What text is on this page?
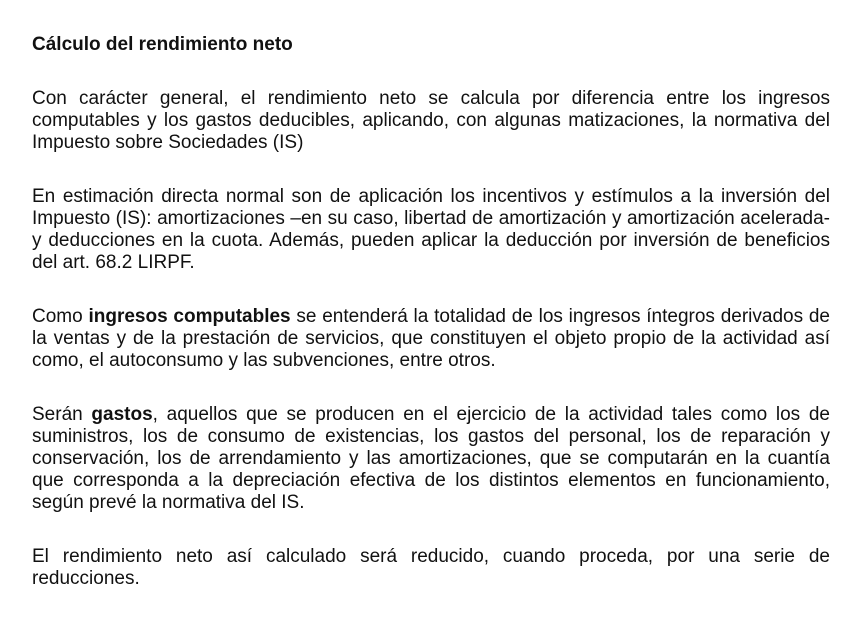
Cálculo del rendimiento neto

Con carácter general, el rendimiento neto se calcula por diferencia entre los ingresos computables y los gastos deducibles, aplicando, con algunas matizaciones, la normativa del Impuesto sobre Sociedades (IS)

En estimación directa normal son de aplicación los incentivos y estímulos a la inversión del Impuesto (IS): amortizaciones –en su caso, libertad de amortización y amortización acelerada- y deducciones en la cuota. Además, pueden aplicar la deducción por inversión de beneficios del art. 68.2 LIRPF.

Como ingresos computables se entenderá la totalidad de los ingresos íntegros derivados de la ventas y de la prestación de servicios, que constituyen el objeto propio de la actividad así como, el autoconsumo y las subvenciones, entre otros.

Serán gastos, aquellos que se producen en el ejercicio de la actividad tales como los de suministros, los de consumo de existencias, los gastos del personal, los de reparación y conservación, los de arrendamiento y las amortizaciones, que se computarán en la cuantía que corresponda a la depreciación efectiva de los distintos elementos en funcionamiento, según prevé la normativa del IS.

El rendimiento neto así calculado será reducido, cuando proceda, por una serie de reducciones.
